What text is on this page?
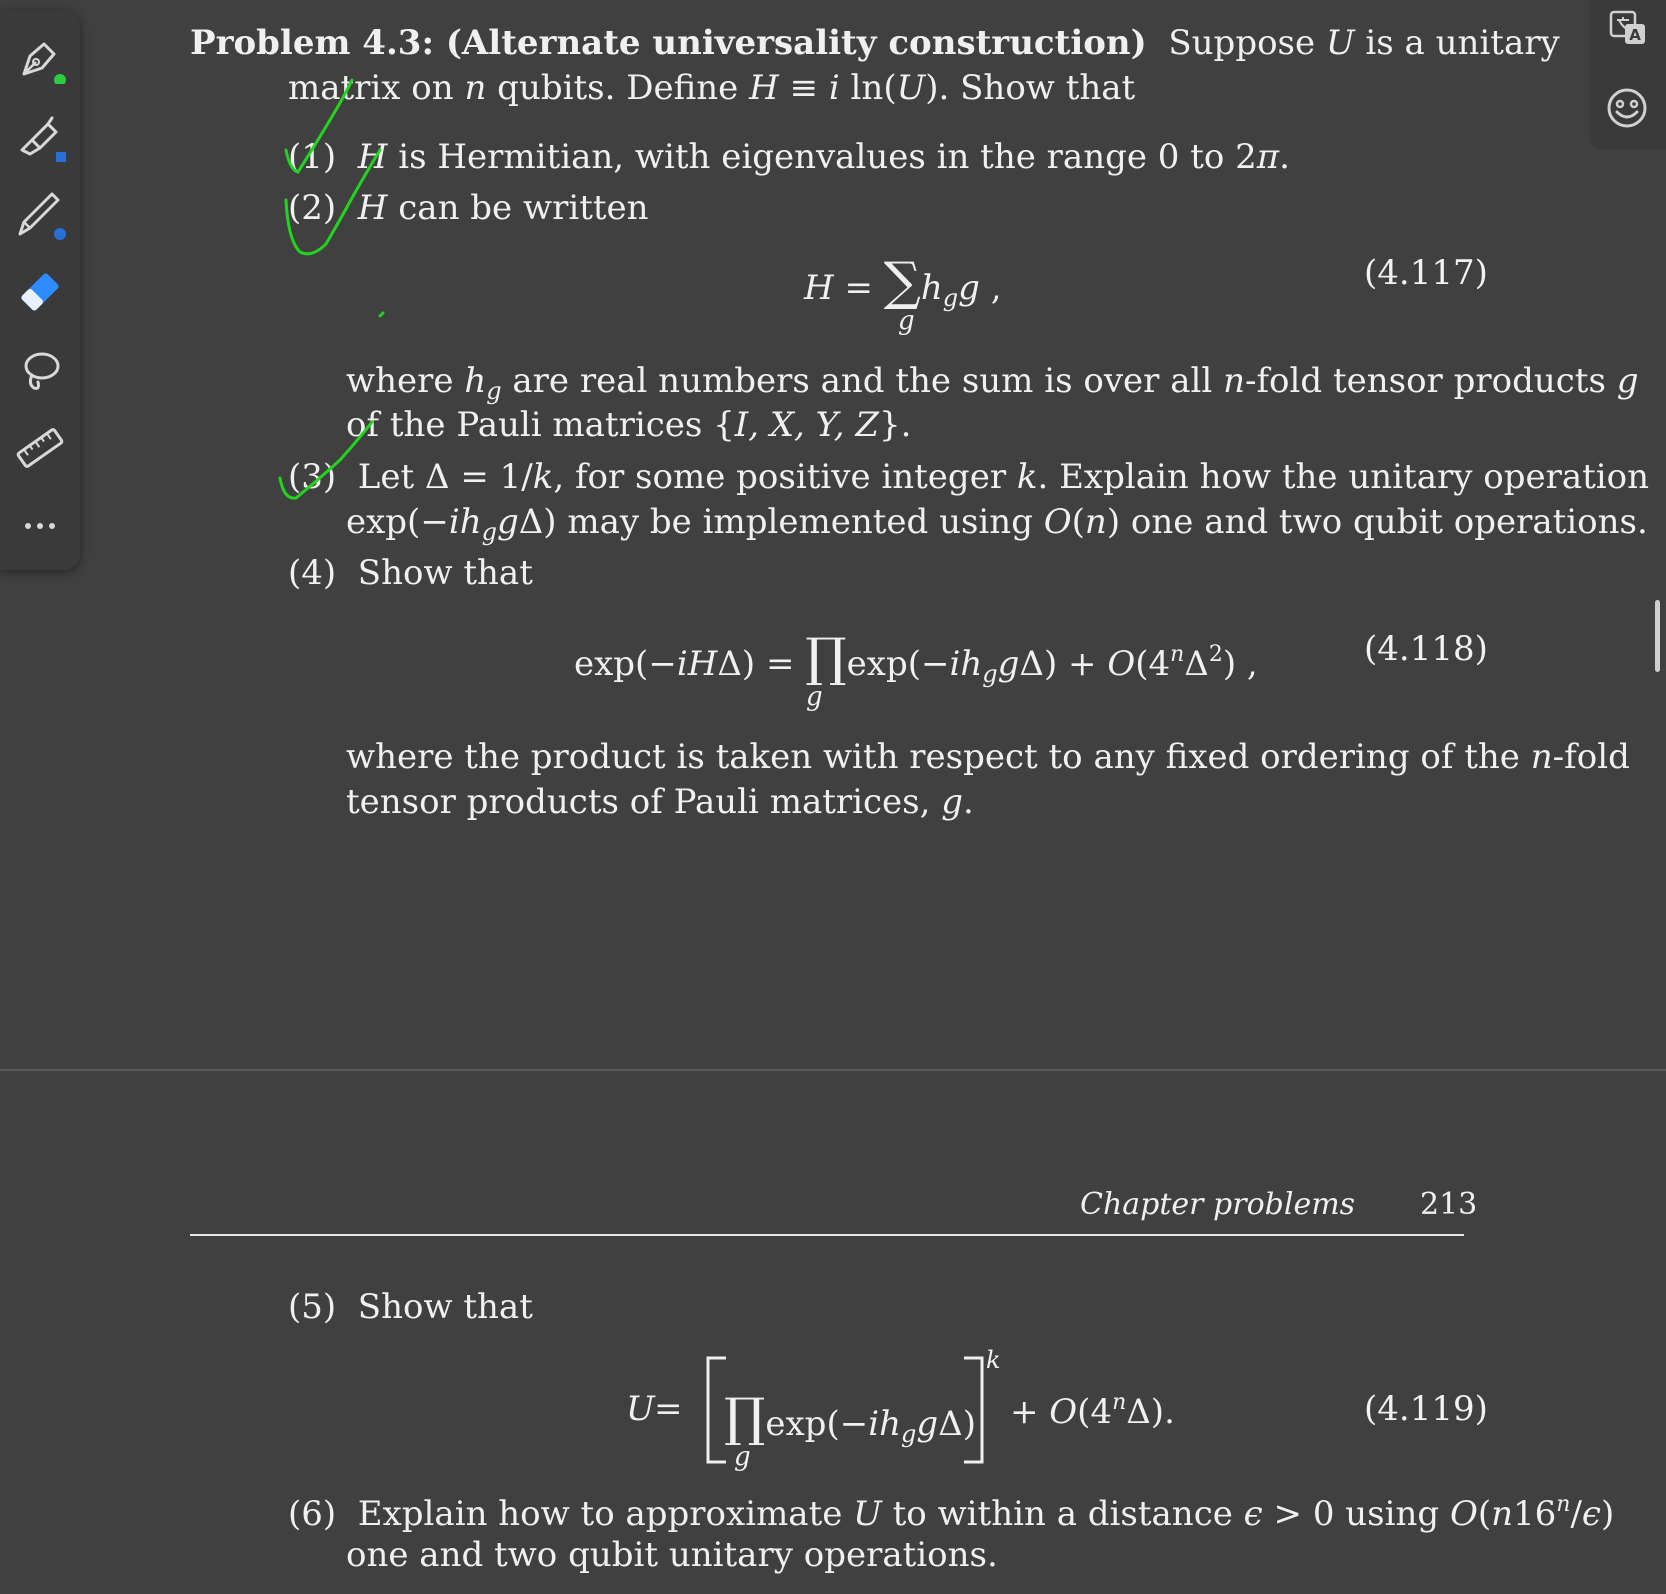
A
Problem 4.3: (Alternate universality construction) Suppose U is a unitary
matrix on n qubits. Define H ≡ i ln(U). Show that
(1) H is Hermitian, with eigenvalues in the range 0 to 2π.
(2) H can be written
$H = \sum h_gg$ ,
g
(4.117)
where $h_g$ are real numbers and the sum is over all n-fold tensor products g
of the Pauli matrices {I, X, Y, Z}.
(3) Let Δ = 1/k, for some positive integer k. Explain how the unitary operation
$\exp(-ih_gg\Delta)$ may be implemented using O(n) one and two qubit operations.
(4) Show that
$\exp(-iH\Delta) = \prod\exp(-ih_gg\Delta) + O(4^n\Delta^2)$ ,
g
(4.118)
where the product is taken with respect to any fixed ordering of the n-fold
tensor products of Pauli matrices, g.
Chapter problems 213
(5) Show that
$U = \prod\exp(-ih_gg\Delta)$
g
k
+ $O(4^n\Delta)$.	(4.119)
(6) Explain how to approximate U to within a distance ϵ > 0 using O(n16$^n$/ϵ)
one and two qubit unitary operations.
